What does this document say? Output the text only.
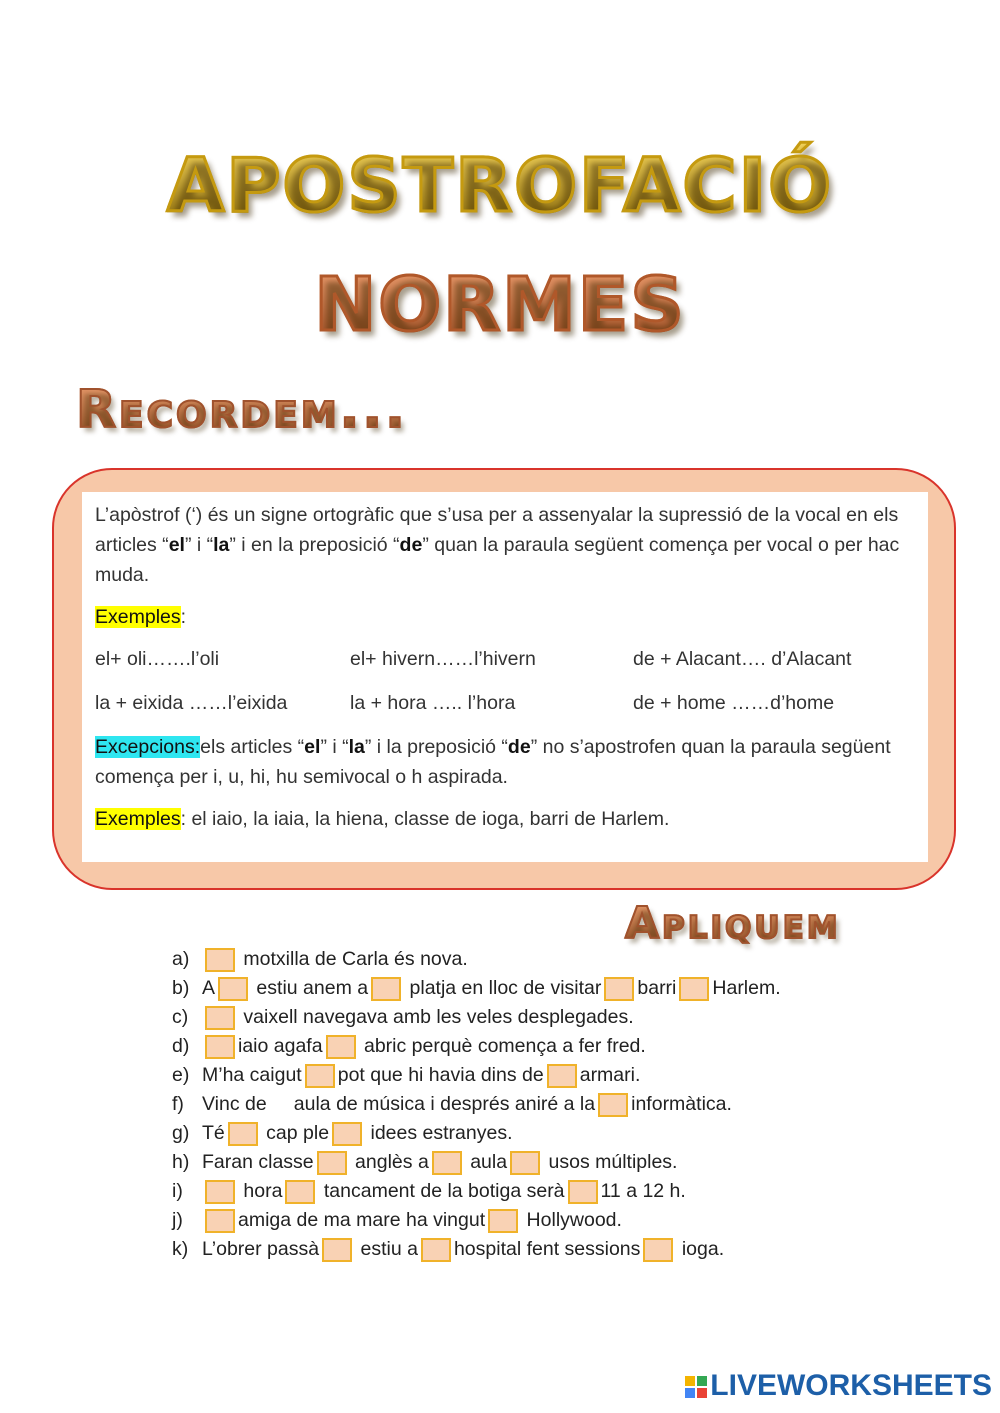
APOSTROFACIÓ
NORMES
Recordem...

L’apòstrof (‘) és un signe ortogràfic que s’usa per a assenyalar la supressió de la vocal en els articles “el” i “la” i en la preposició “de” quan la paraula següent comença per vocal o per hac muda.

Exemples:

el+ oli…….l’oli	el+ hivern……l’hivern	de + Alacant…. d’Alacant
la + eixida ……l’eixida	la + hora ….. l’hora	de + home ……d’home

Excepcions:els articles “el” i “la” i la preposició “de” no s’apostrofen quan la paraula següent comença per i, u, hi, hu semivocal o h aspirada.

Exemples: el iaio, la iaia, la hiena, classe de ioga, barri de Harlem.

Apliquem
a) motxilla de Carla és nova.
b) A estiu anem a platja en lloc de visitar barri Harlem.
c)	vaixell navegava amb les veles desplegades.
d) iaio agafa abric perquè comença a fer fred.
e) M’ha caigut pot que hi havia dins de armari.
f) Vinc de     aula de música i després aniré a la informàtica.
g) Té cap ple idees estranyes.
h) Faran classe anglès a aula usos múltiples.
i)	hora tancament de la botiga serà 11 a 12 h.
j)	amiga de ma mare ha vingut Hollywood.
k) L’obrer passà estiu a hospital fent sessions ioga.
LIVEWORKSHEETS
